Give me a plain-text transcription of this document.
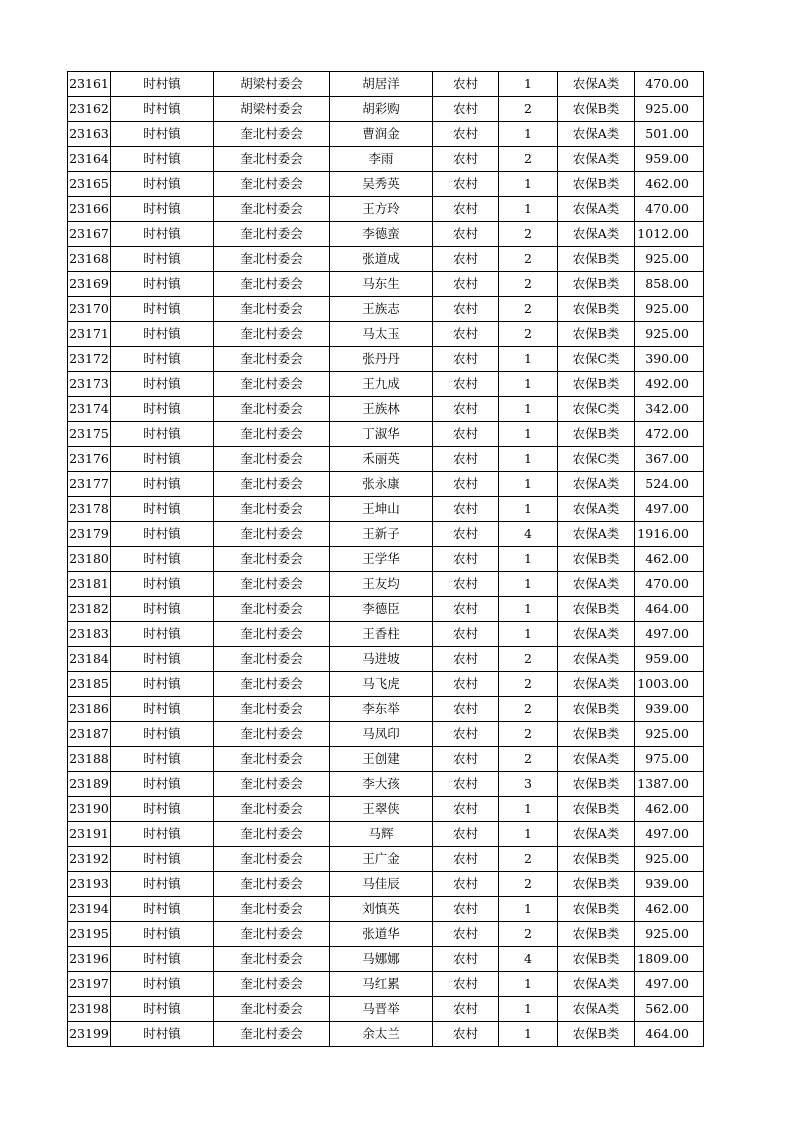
23161	时村镇	胡梁村委会	胡居洋	农村	1	农保A类	470.00
23162	时村镇	胡梁村委会	胡彩购	农村	2	农保B类	925.00
23163	时村镇	奎北村委会	曹润金	农村	1	农保A类	501.00
23164	时村镇	奎北村委会	李雨	农村	2	农保A类	959.00
23165	时村镇	奎北村委会	吴秀英	农村	1	农保B类	462.00
23166	时村镇	奎北村委会	王方玲	农村	1	农保A类	470.00
23167	时村镇	奎北村委会	李德蛮	农村	2	农保A类	1012.00
23168	时村镇	奎北村委会	张道成	农村	2	农保B类	925.00
23169	时村镇	奎北村委会	马东生	农村	2	农保B类	858.00
23170	时村镇	奎北村委会	王族志	农村	2	农保B类	925.00
23171	时村镇	奎北村委会	马太玉	农村	2	农保B类	925.00
23172	时村镇	奎北村委会	张丹丹	农村	1	农保C类	390.00
23173	时村镇	奎北村委会	王九成	农村	1	农保B类	492.00
23174	时村镇	奎北村委会	王族林	农村	1	农保C类	342.00
23175	时村镇	奎北村委会	丁淑华	农村	1	农保B类	472.00
23176	时村镇	奎北村委会	禾丽英	农村	1	农保C类	367.00
23177	时村镇	奎北村委会	张永康	农村	1	农保A类	524.00
23178	时村镇	奎北村委会	王坤山	农村	1	农保A类	497.00
23179	时村镇	奎北村委会	王新子	农村	4	农保A类	1916.00
23180	时村镇	奎北村委会	王学华	农村	1	农保B类	462.00
23181	时村镇	奎北村委会	王友均	农村	1	农保A类	470.00
23182	时村镇	奎北村委会	李德臣	农村	1	农保B类	464.00
23183	时村镇	奎北村委会	王香柱	农村	1	农保A类	497.00
23184	时村镇	奎北村委会	马进坡	农村	2	农保A类	959.00
23185	时村镇	奎北村委会	马飞虎	农村	2	农保A类	1003.00
23186	时村镇	奎北村委会	李东举	农村	2	农保B类	939.00
23187	时村镇	奎北村委会	马凤印	农村	2	农保B类	925.00
23188	时村镇	奎北村委会	王创建	农村	2	农保A类	975.00
23189	时村镇	奎北村委会	李大孩	农村	3	农保B类	1387.00
23190	时村镇	奎北村委会	王翠侠	农村	1	农保B类	462.00
23191	时村镇	奎北村委会	马辉	农村	1	农保A类	497.00
23192	时村镇	奎北村委会	王广金	农村	2	农保B类	925.00
23193	时村镇	奎北村委会	马佳辰	农村	2	农保B类	939.00
23194	时村镇	奎北村委会	刘慎英	农村	1	农保B类	462.00
23195	时村镇	奎北村委会	张道华	农村	2	农保B类	925.00
23196	时村镇	奎北村委会	马娜娜	农村	4	农保B类	1809.00
23197	时村镇	奎北村委会	马红累	农村	1	农保A类	497.00
23198	时村镇	奎北村委会	马晋举	农村	1	农保A类	562.00
23199	时村镇	奎北村委会	余太兰	农村	1	农保B类	464.00
